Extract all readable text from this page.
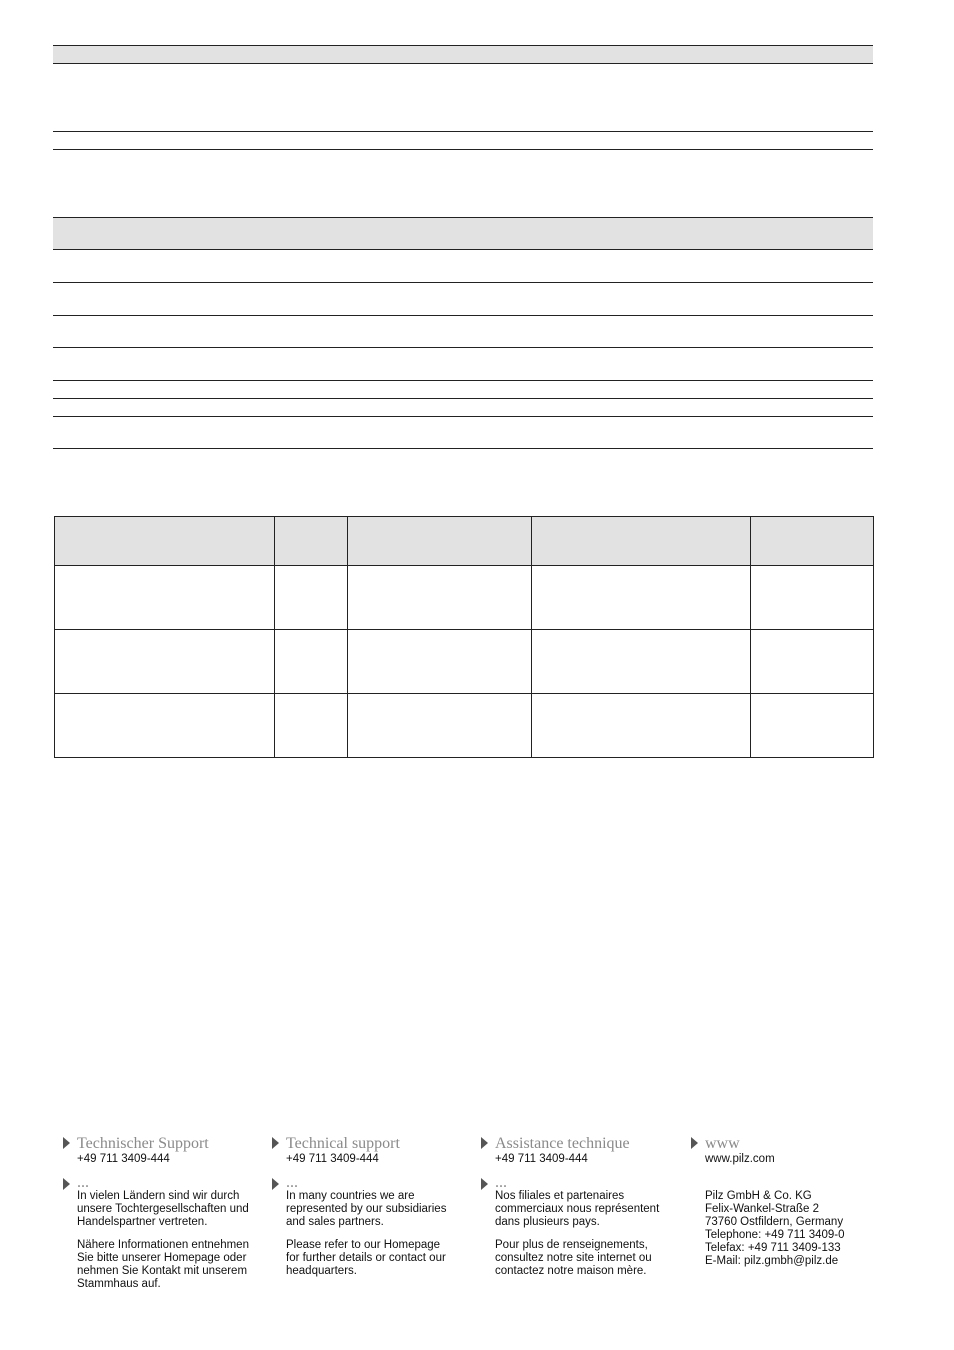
Technischer Support
+49 711 3409-444
...
In vielen Ländern sind wir durch
unsere Tochtergesellschaften und
Handelspartner vertreten.
Nähere Informationen entnehmen
Sie bitte unserer Homepage oder
nehmen Sie Kontakt mit unserem
Stammhaus auf.
Technical support
+49 711 3409-444
...
In many countries we are
represented by our subsidiaries
and sales partners.
Please refer to our Homepage
for further details or contact our
headquarters.
Assistance technique
+49 711 3409-444
...
Nos filiales et partenaires
commerciaux nous représentent
dans plusieurs pays.
Pour plus de renseignements,
consultez notre site internet ou
contactez notre maison mère.
www
www.pilz.com
Pilz GmbH & Co. KG
Felix-Wankel-Straße 2
73760 Ostfildern, Germany
Telephone: +49 711 3409-0
Telefax: +49 711 3409-133
E-Mail: pilz.gmbh@pilz.de
